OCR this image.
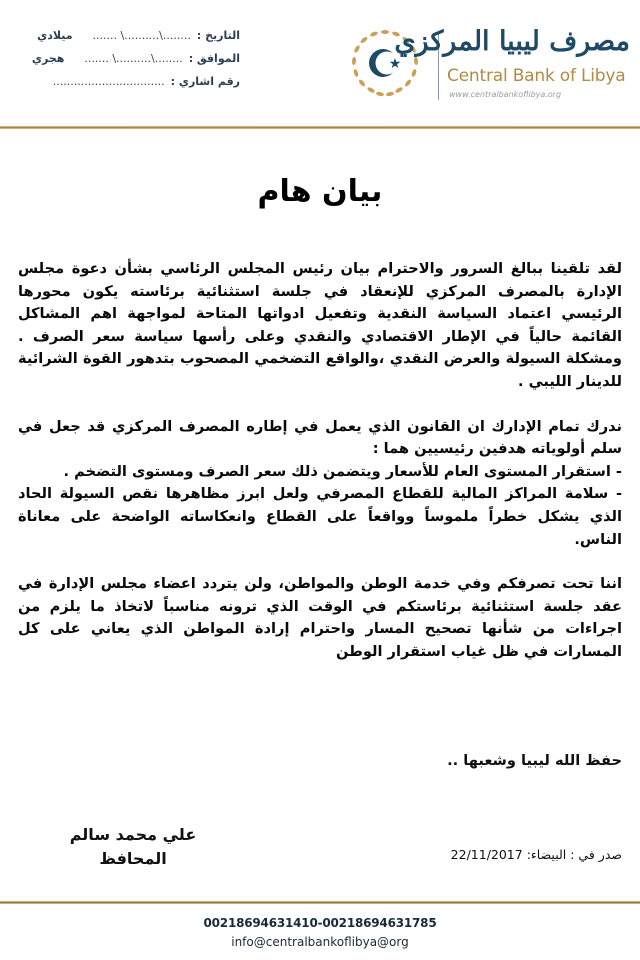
مصرف ليبيا المركزي
Central Bank of Libya
www.centralbankoflibya.org
التاريخ :
........\..........\ .......
ميلادي
الموافق :
........\..........\ .......
هجري
رقم اشاري :
................................
بيان هام

لقد تلقينا ببالغ السرور والاحترام بيان رئيس المجلس الرئاسي بشأن دعوة مجلس الإدارة بالمصرف المركزي للإنعقاد في جلسة استثنائية برئاسته يكون محورها الرئيسي اعتماد السياسة النقدية وتفعيل ادواتها المتاحة لمواجهة اهم المشاكل القائمة حالياً في الإطار الاقتصادي والنقدي وعلى رأسها سياسة سعر الصرف . ومشكلة السيولة والعرض النقدي ،والواقع التضخمي المصحوب بتدهور القوة الشرائية للدينار الليبي .

ندرك تمام الإدارك ان القانون الذي يعمل في إطاره المصرف المركزي قد جعل في سلم أولوياته هدفين رئيسيين هما :
- استقرار المستوى العام للأسعار ويتضمن ذلك سعر الصرف ومستوى التضخم .
- سلامة المراكز المالية للقطاع المصرفي ولعل ابرز مظاهرها نقص السيولة الحاد الذي يشكل خطراً ملموساً وواقعاً على القطاع وانعكاساته الواضحة على معاناة الناس.

اننا تحت تصرفكم وفي خدمة الوطن والمواطن، ولن يتردد اعضاء مجلس الإدارة في عقد جلسة استثنائية برئاستكم في الوقت الذي ترونه مناسباً لاتخاذ ما يلزم من اجراءات من شأنها تصحيح المسار واحترام إرادة المواطن الذي يعاني على كل المسارات في ظل غياب استقرار الوطن

حفظ الله ليبيا وشعبها ..
علي محمد سالم
المحافظ	صدر في : البيضاء: 22/11/2017
00218694631410-00218694631785
info@centralbankoflibya@org
